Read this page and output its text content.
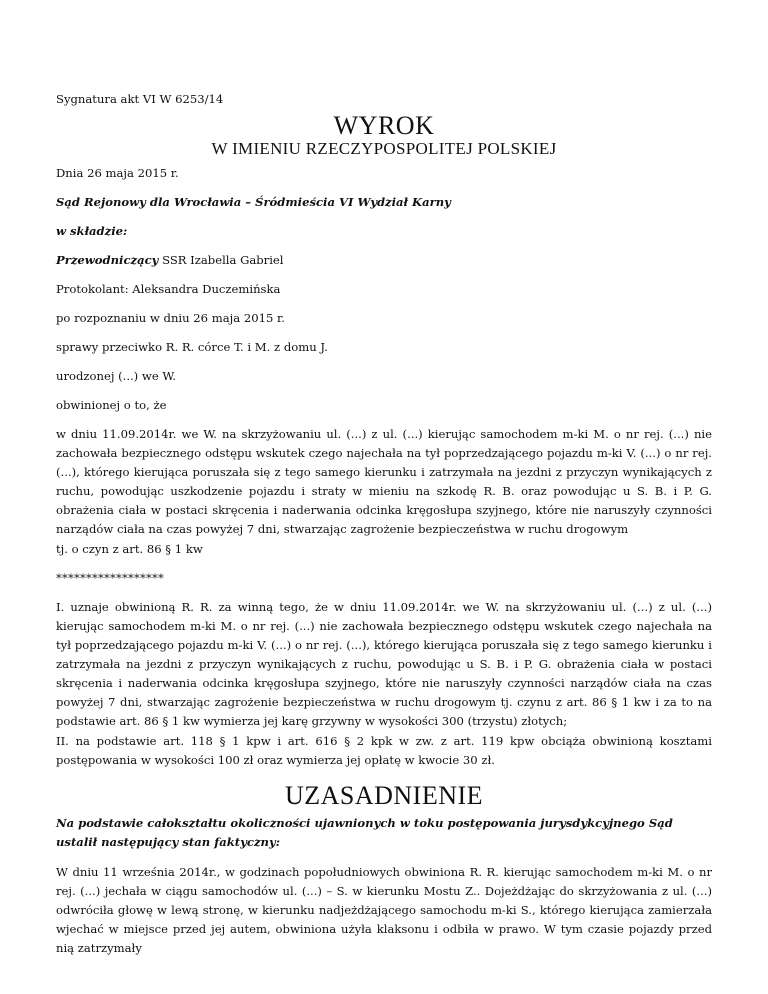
Sygnatura akt VI W 6253/14

WYROK
W IMIENIU RZECZYPOSPOLITEJ POLSKIEJ

Dnia 26 maja 2015 r.

Sąd Rejonowy dla Wrocławia – Śródmieścia VI Wydział Karny

w składzie:

Przewodniczący SSR Izabella Gabriel

Protokolant: Aleksandra Duczemińska

po rozpoznaniu w dniu 26 maja 2015 r.

sprawy przeciwko R. R. córce T. i M. z domu J.

urodzonej (...) we W.

obwinionej o to, że

w dniu 11.09.2014r. we W. na skrzyżowaniu ul. (...) z ul. (...) kierując samochodem m-ki M. o nr rej. (...) nie zachowała bezpiecznego odstępu wskutek czego najechała na tył poprzedzającego pojazdu m-ki V. (...) o nr rej. (...), którego kierująca poruszała się z tego samego kierunku i zatrzymała na jezdni z przyczyn wynikających z ruchu, powodując uszkodzenie pojazdu i straty w mieniu na szkodę R. B. oraz powodując u S. B. i P. G. obrażenia ciała w postaci skręcenia i naderwania odcinka kręgosłupa szyjnego, które nie naruszyły czynności narządów ciała na czas powyżej 7 dni, stwarzając zagrożenie bezpieczeństwa w ruchu drogowym

tj. o czyn z art. 86 § 1 kw

******************

I. uznaje obwinioną R. R. za winną tego, że w dniu 11.09.2014r. we W. na skrzyżowaniu ul. (...) z ul. (...) kierując samochodem m-ki M. o nr rej. (...) nie zachowała bezpiecznego odstępu wskutek czego najechała na tył poprzedzającego pojazdu m-ki V. (...) o nr rej. (...), którego kierująca poruszała się z tego samego kierunku i zatrzymała na jezdni z przyczyn wynikających z ruchu, powodując u S. B. i P. G. obrażenia ciała w postaci skręcenia i naderwania odcinka kręgosłupa szyjnego, które nie naruszyły czynności narządów ciała na czas powyżej 7 dni, stwarzając zagrożenie bezpieczeństwa w ruchu drogowym tj. czynu z art. 86 § 1 kw i za to na podstawie art. 86 § 1 kw wymierza jej karę grzywny w wysokości 300 (trzystu) złotych;

II. na podstawie art. 118 § 1 kpw i art. 616 § 2 kpk w zw. z art. 119 kpw obciąża obwinioną kosztami postępowania w wysokości 100 zł oraz wymierza jej opłatę w kwocie 30 zł.

UZASADNIENIE

Na podstawie całokształtu okoliczności ujawnionych w toku postępowania jurysdykcyjnego Sąd ustalił następujący stan faktyczny:

W dniu 11 września 2014r., w godzinach popołudniowych obwiniona R. R. kierując samochodem m-ki M. o nr rej. (...) jechała w ciągu samochodów ul. (...) – S. w kierunku Mostu Z.. Dojeżdżając do skrzyżowania z ul. (...) odwróciła głowę w lewą stronę, w kierunku nadjeżdżającego samochodu m-ki S., którego kierująca zamierzała wjechać w miejsce przed jej autem, obwiniona użyła klaksonu i odbiła w prawo. W tym czasie pojazdy przed nią zatrzymały
